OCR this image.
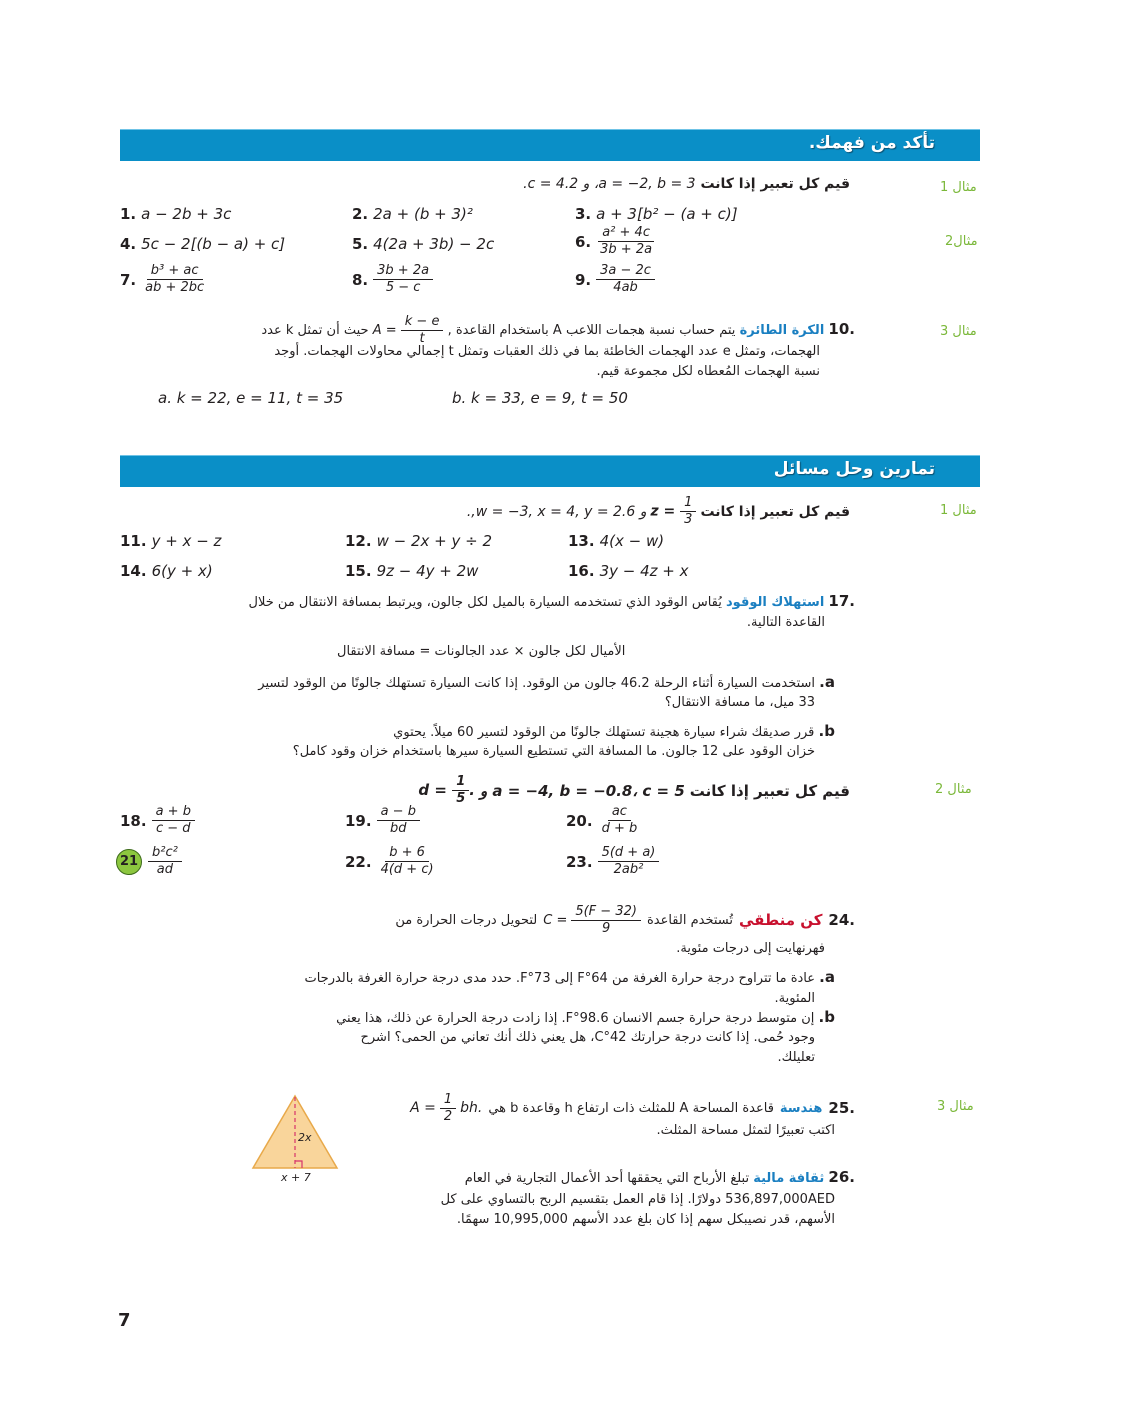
تأكد من فهمك.
مثال 1
قيم كل تعبير إذا كانت a = −2, b = 3، و c = 4.2.
1. a − 2b + 3c	2. 2a + (b + 3)²	3. a + 3[b² − (a + c)]
مثال2
4. 5c − 2[(b − a) + c]	5. 4(2a + 3b) − 2c	6. $\frac{\text{a² + 4c}}{3b + 2a}$
7. $\frac{\text{b³ + ac}}{ab + 2bc}$	8. $\frac{3b + 2a}{5 - c}$	9. $\frac{3a - 2c}{4ab}$
مثال 3
.10 الكرة الطائرة يتم حساب نسبة هجمات اللاعب A باستخدام القاعدة , $A = \frac{k - e}{t}$
حيث أن تمثل k عدد
الهجمات، وتمثل e عدد الهجمات الخاطئة بما في ذلك العقبات وتمثل t إجمالي محاولات الهجمات. أوجد
نسبة الهجمات المُعطاه لكل مجموعة قيم.
a. k = 22, e = 11, t = 35	b. k = 33, e = 9, t = 50
تمارين وحل مسائل
مثال 1
قيم كل تعبير إذا كانت
$z = \frac{1}{3}$
و w = −3, x = 4, y = 2.6,.
11. y + x − z	12. w − 2x + y ÷ 2	13. 4(x − w)
14. 6(y + x)	15. 9z − 4y + 2w	16. 3y − 4z + x
.17 استهلاك الوقود يُقاس الوقود الذي تستخدمه السيارة بالميل لكل جالون، ويرتبط بمسافة الانتقال من خلال
القاعدة التالية.
الأميال لكل جالون × عدد الجالونات = مسافة الانتقال
a. استخدمت السيارة أثناء الرحلة 46.2 جالون من الوقود. إذا كانت السيارة تستهلك جالونًا من الوقود لتسير
33 ميل، ما مسافة الانتقال؟
b. قرر صديقك شراء سيارة هجينة تستهلك جالونًا من الوقود لتسير 60 ميلاً. يحتوي
خزان الوقود على 12 جالون. ما المسافة التي تستطيع السيارة سيرها باستخدام خزان وقود كامل؟
مثال 2
قيم كل تعبير إذا كانت
a = −4, b = −0.8، c = 5 و
$d = \frac{1}{5}$ .
18. $\frac{a + b}{c - d}$	19. $\frac{a - b}{bd}$	20. $\frac{ac}{d + b}$
$21 \frac{\text{b²c²}}{ad}$	22. $\frac{b + 6}{4(d + c)}$	23. $\frac{5(d + a)}{\text{2ab²}}$
.24
كن منطقي
تُستخدم القاعدة
$C = \frac{5(F - 32)}{9}$
لتحويل درجات الحرارة من
فهرنهايت إلى درجات مئوية.
a. عادة ما تتراوح درجة حرارة الغرفة من 64°F إلى 73°F. حدد مدى درجة حرارة الغرفة بالدرجات
المئوية.
b. إن متوسط درجة حرارة جسم الانسان 98.6°F. إذا زادت درجة الحرارة عن ذلك، هذا يعني
وجود حُمى. إذا كانت درجة حرارتك 42°C، هل يعني ذلك أنك تعاني من الحمى؟ اشرح
تعليلك.
مثال 3
.25
هندسة
قاعدة المساحة A للمثلث ذات ارتفاع h وقاعدة b هي
$A = \frac{1}{2}$ bh.
اكتب تعبيرًا لتمثل مساحة المثلث.
2x
x + 7	.26 ثقافة مالية تبلغ الأرباح التي يحققها أحد الأعمال التجارية في العام
536,897,000AED دولارًا. إذا قام العمل بتقسيم الربح بالتساوي على كل
الأسهم، قدر نصيبكل سهم إذا كان بلغ عدد الأسهم 10,995,000 سهمًا.
7
